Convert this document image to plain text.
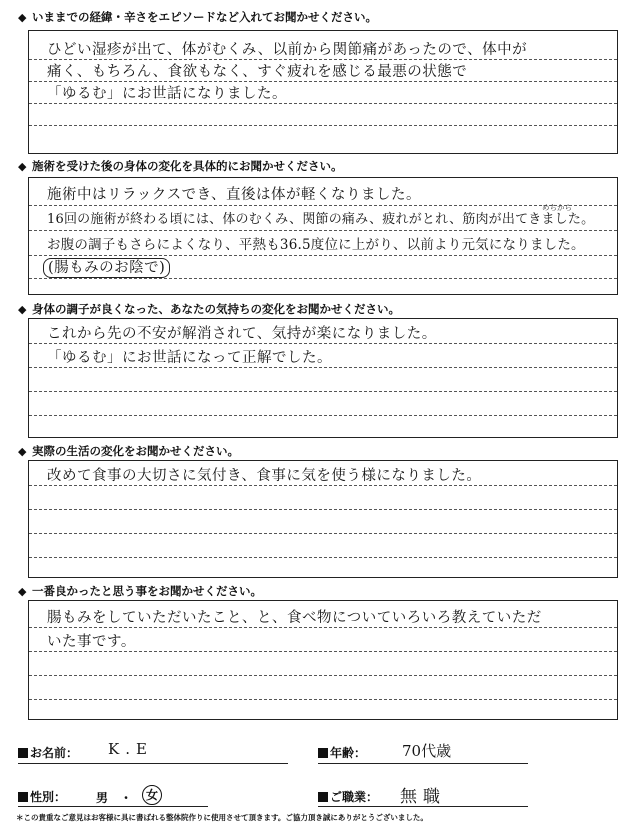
◆ いままでの経緯・辛さをエピソードなど入れてお聞かせください。
ひどい湿疹が出て、体がむくみ、以前から関節痛があったので、体中が
痛く、もちろん、食欲もなく、すぐ疲れを感じる最悪の状態で
「ゆるむ」にお世話になりました。
◆ 施術を受けた後の身体の変化を具体的にお聞かせください。
施術中はリラックスでき、直後は体が軽くなりました。
めちから
16回の施術が終わる頃には、体のむくみ、関節の痛み、疲れがとれ、筋肉が出てきました。
お腹の調子もさらによくなり、平熱も36.5度位に上がり、以前より元気になりました。
(腸もみのお陰で)
◆ 身体の調子が良くなった、あなたの気持ちの変化をお聞かせください。
これから先の不安が解消されて、気持が楽になりました。
「ゆるむ」にお世話になって正解でした。
◆ 実際の生活の変化をお聞かせください。
改めて食事の大切さに気付き、食事に気を使う様になりました。
◆ 一番良かったと思う事をお聞かせください。
腸もみをしていただいたこと、と、食べ物についていろいろ教えていただ
いた事です。
お名前： K.E	年齢： 70代歳
性別： 男 ・	女	ご職業： 無職
＊この貴重なご意見はお客様に具に書ばれる整体院作りに使用させて頂きます。ご協力頂き誠にありがとうございました。
